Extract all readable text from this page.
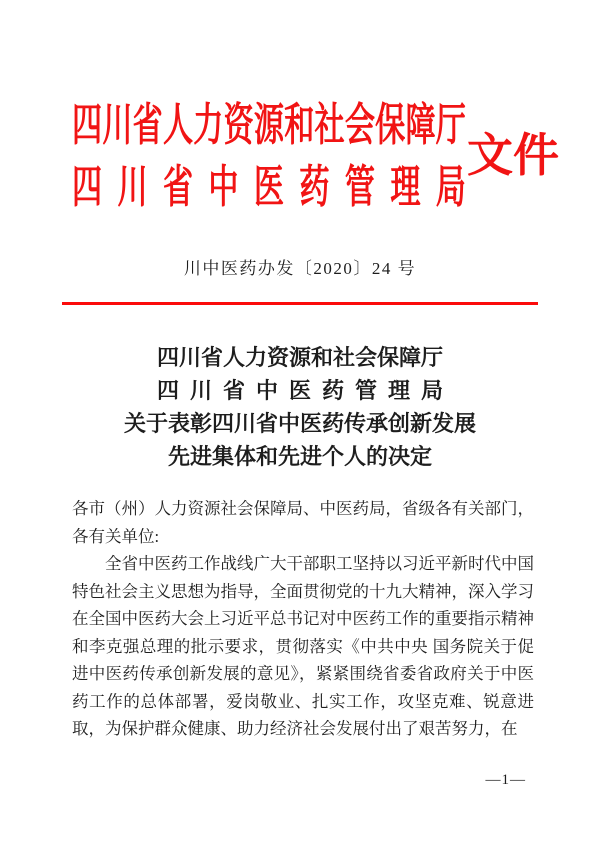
四川省人力资源和社会保障厅
四川省中医药管理局
文件
川中医药办发〔2020〕24 号
四川省人力资源和社会保障厅
四川省中医药管理局
关于表彰四川省中医药传承创新发展
先进集体和先进个人的决定

各市（州）人力资源社会保障局、中医药局，省级各有关部门，各有关单位:

全省中医药工作战线广大干部职工坚持以习近平新时代中国特色社会主义思想为指导，全面贯彻党的十九大精神，深入学习在全国中医药大会上习近平总书记对中医药工作的重要指示精神和李克强总理的批示要求，贯彻落实《中共中央 国务院关于促进中医药传承创新发展的意见》，紧紧围绕省委省政府关于中医药工作的总体部署，爱岗敬业、扎实工作，攻坚克难、锐意进取，为保护群众健康、助力经济社会发展付出了艰苦努力，在

—1—
